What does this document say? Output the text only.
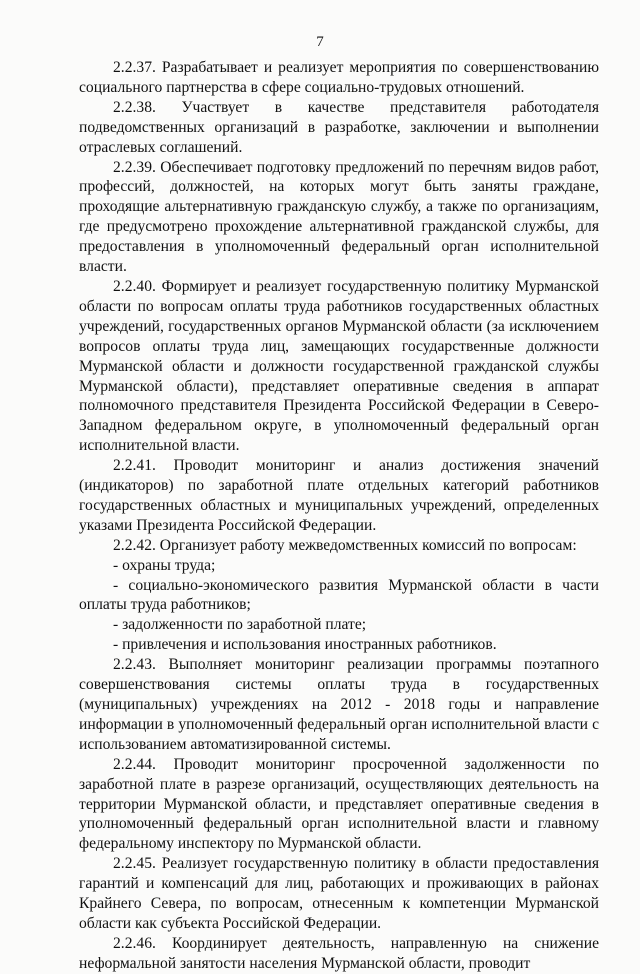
7

2.2.37. Разрабатывает и реализует мероприятия по совершенствованию социального партнерства в сфере социально-трудовых отношений.

2.2.38. Участвует в качестве представителя работодателя подведомственных организаций в разработке, заключении и выполнении отраслевых соглашений.

2.2.39. Обеспечивает подготовку предложений по перечням видов работ, профессий, должностей, на которых могут быть заняты граждане, проходящие альтернативную гражданскую службу, а также по организациям, где предусмотрено прохождение альтернативной гражданской службы, для предоставления в уполномоченный федеральный орган исполнительной власти.

2.2.40. Формирует и реализует государственную политику Мурманской области по вопросам оплаты труда работников государственных областных учреждений, государственных органов Мурманской области (за исключением вопросов оплаты труда лиц, замещающих государственные должности Мурманской области и должности государственной гражданской службы Мурманской области), представляет оперативные сведения в аппарат полномочного представителя Президента Российской Федерации в Северо-Западном федеральном округе, в уполномоченный федеральный орган исполнительной власти.

2.2.41. Проводит мониторинг и анализ достижения значений (индикаторов) по заработной плате отдельных категорий работников государственных областных и муниципальных учреждений, определенных указами Президента Российской Федерации.

2.2.42. Организует работу межведомственных комиссий по вопросам:

- охраны труда;

- социально-экономического развития Мурманской области в части оплаты труда работников;

- задолженности по заработной плате;

- привлечения и использования иностранных работников.

2.2.43. Выполняет мониторинг реализации программы поэтапного совершенствования системы оплаты труда в государственных (муниципальных) учреждениях на 2012 - 2018 годы и направление информации в уполномоченный федеральный орган исполнительной власти с использованием автоматизированной системы.

2.2.44. Проводит мониторинг просроченной задолженности по заработной плате в разрезе организаций, осуществляющих деятельность на территории Мурманской области, и представляет оперативные сведения в уполномоченный федеральный орган исполнительной власти и главному федеральному инспектору по Мурманской области.

2.2.45. Реализует государственную политику в области предоставления гарантий и компенсаций для лиц, работающих и проживающих в районах Крайнего Севера, по вопросам, отнесенным к компетенции Мурманской области как субъекта Российской Федерации.

2.2.46. Координирует деятельность, направленную на снижение неформальной занятости населения Мурманской области, проводит
